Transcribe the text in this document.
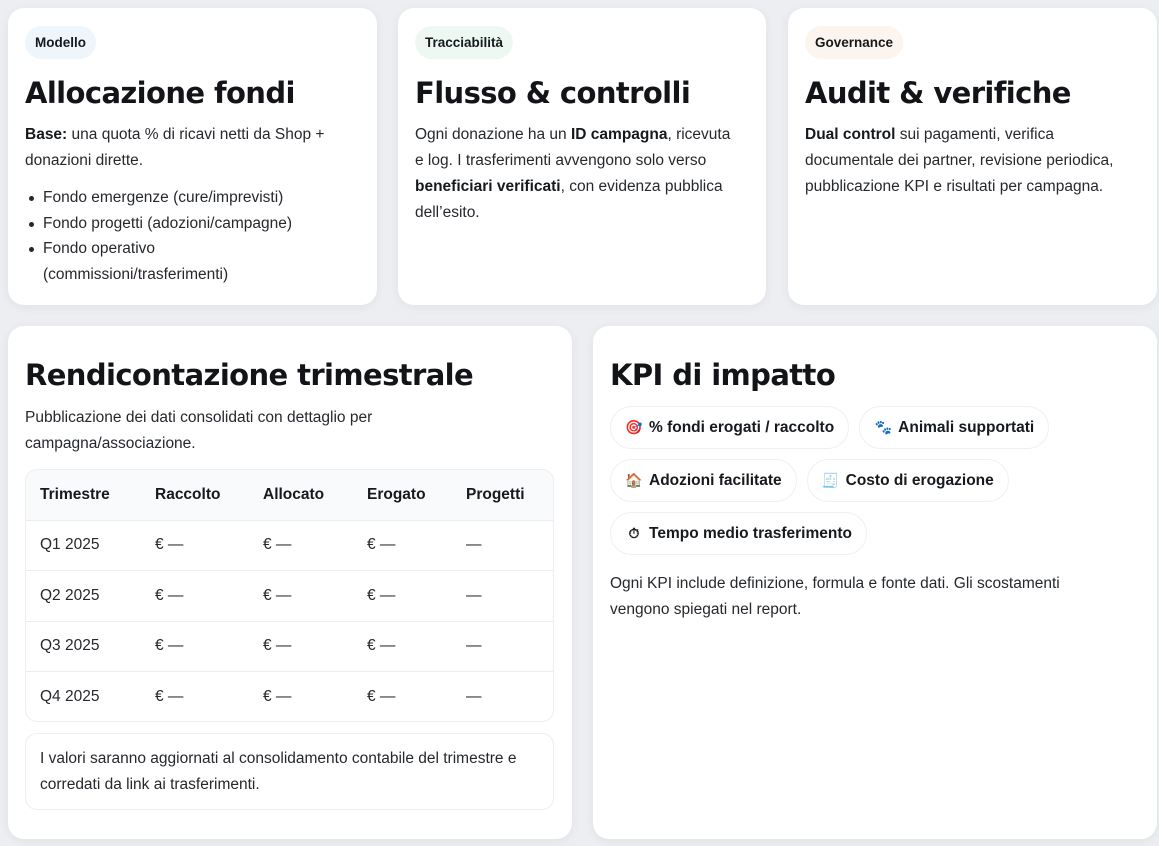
Modello
Allocazione fondi

Base: una quota % di ricavi netti da Shop + donazioni dirette.

Fondo emergenze (cure/imprevisti)
Fondo progetti (adozioni/campagne)
Fondo operativo (commissioni/trasferimenti)
Tracciabilità
Flusso & controlli

Ogni donazione ha un ID campagna, ricevuta e log. I trasferimenti avvengono solo verso beneficiari verificati, con evidenza pubblica dell’esito.

Governance
Audit & verifiche

Dual control sui pagamenti, verifica documentale dei partner, revisione periodica, pubblicazione KPI e risultati per campagna.

Rendicontazione trimestrale

Pubblicazione dei dati consolidati con dettaglio per campagna/associazione.

Trimestre	Raccolto	Allocato	Erogato	Progetti
Q1 2025	€ —	€ —	€ —	—
Q2 2025	€ —	€ —	€ —	—
Q3 2025	€ —	€ —	€ —	—
Q4 2025	€ —	€ —	€ —	—
I valori saranno aggiornati al consolidamento contabile del trimestre e corredati da link ai trasferimenti.
KPI di impatto
🎯 % fondi erogati / raccolto	🐾 Animali supportati
🏠 Adozioni facilitate	🧾 Costo di erogazione
⏱ Tempo medio trasferimento

Ogni KPI include definizione, formula e fonte dati. Gli scostamenti vengono spiegati nel report.
